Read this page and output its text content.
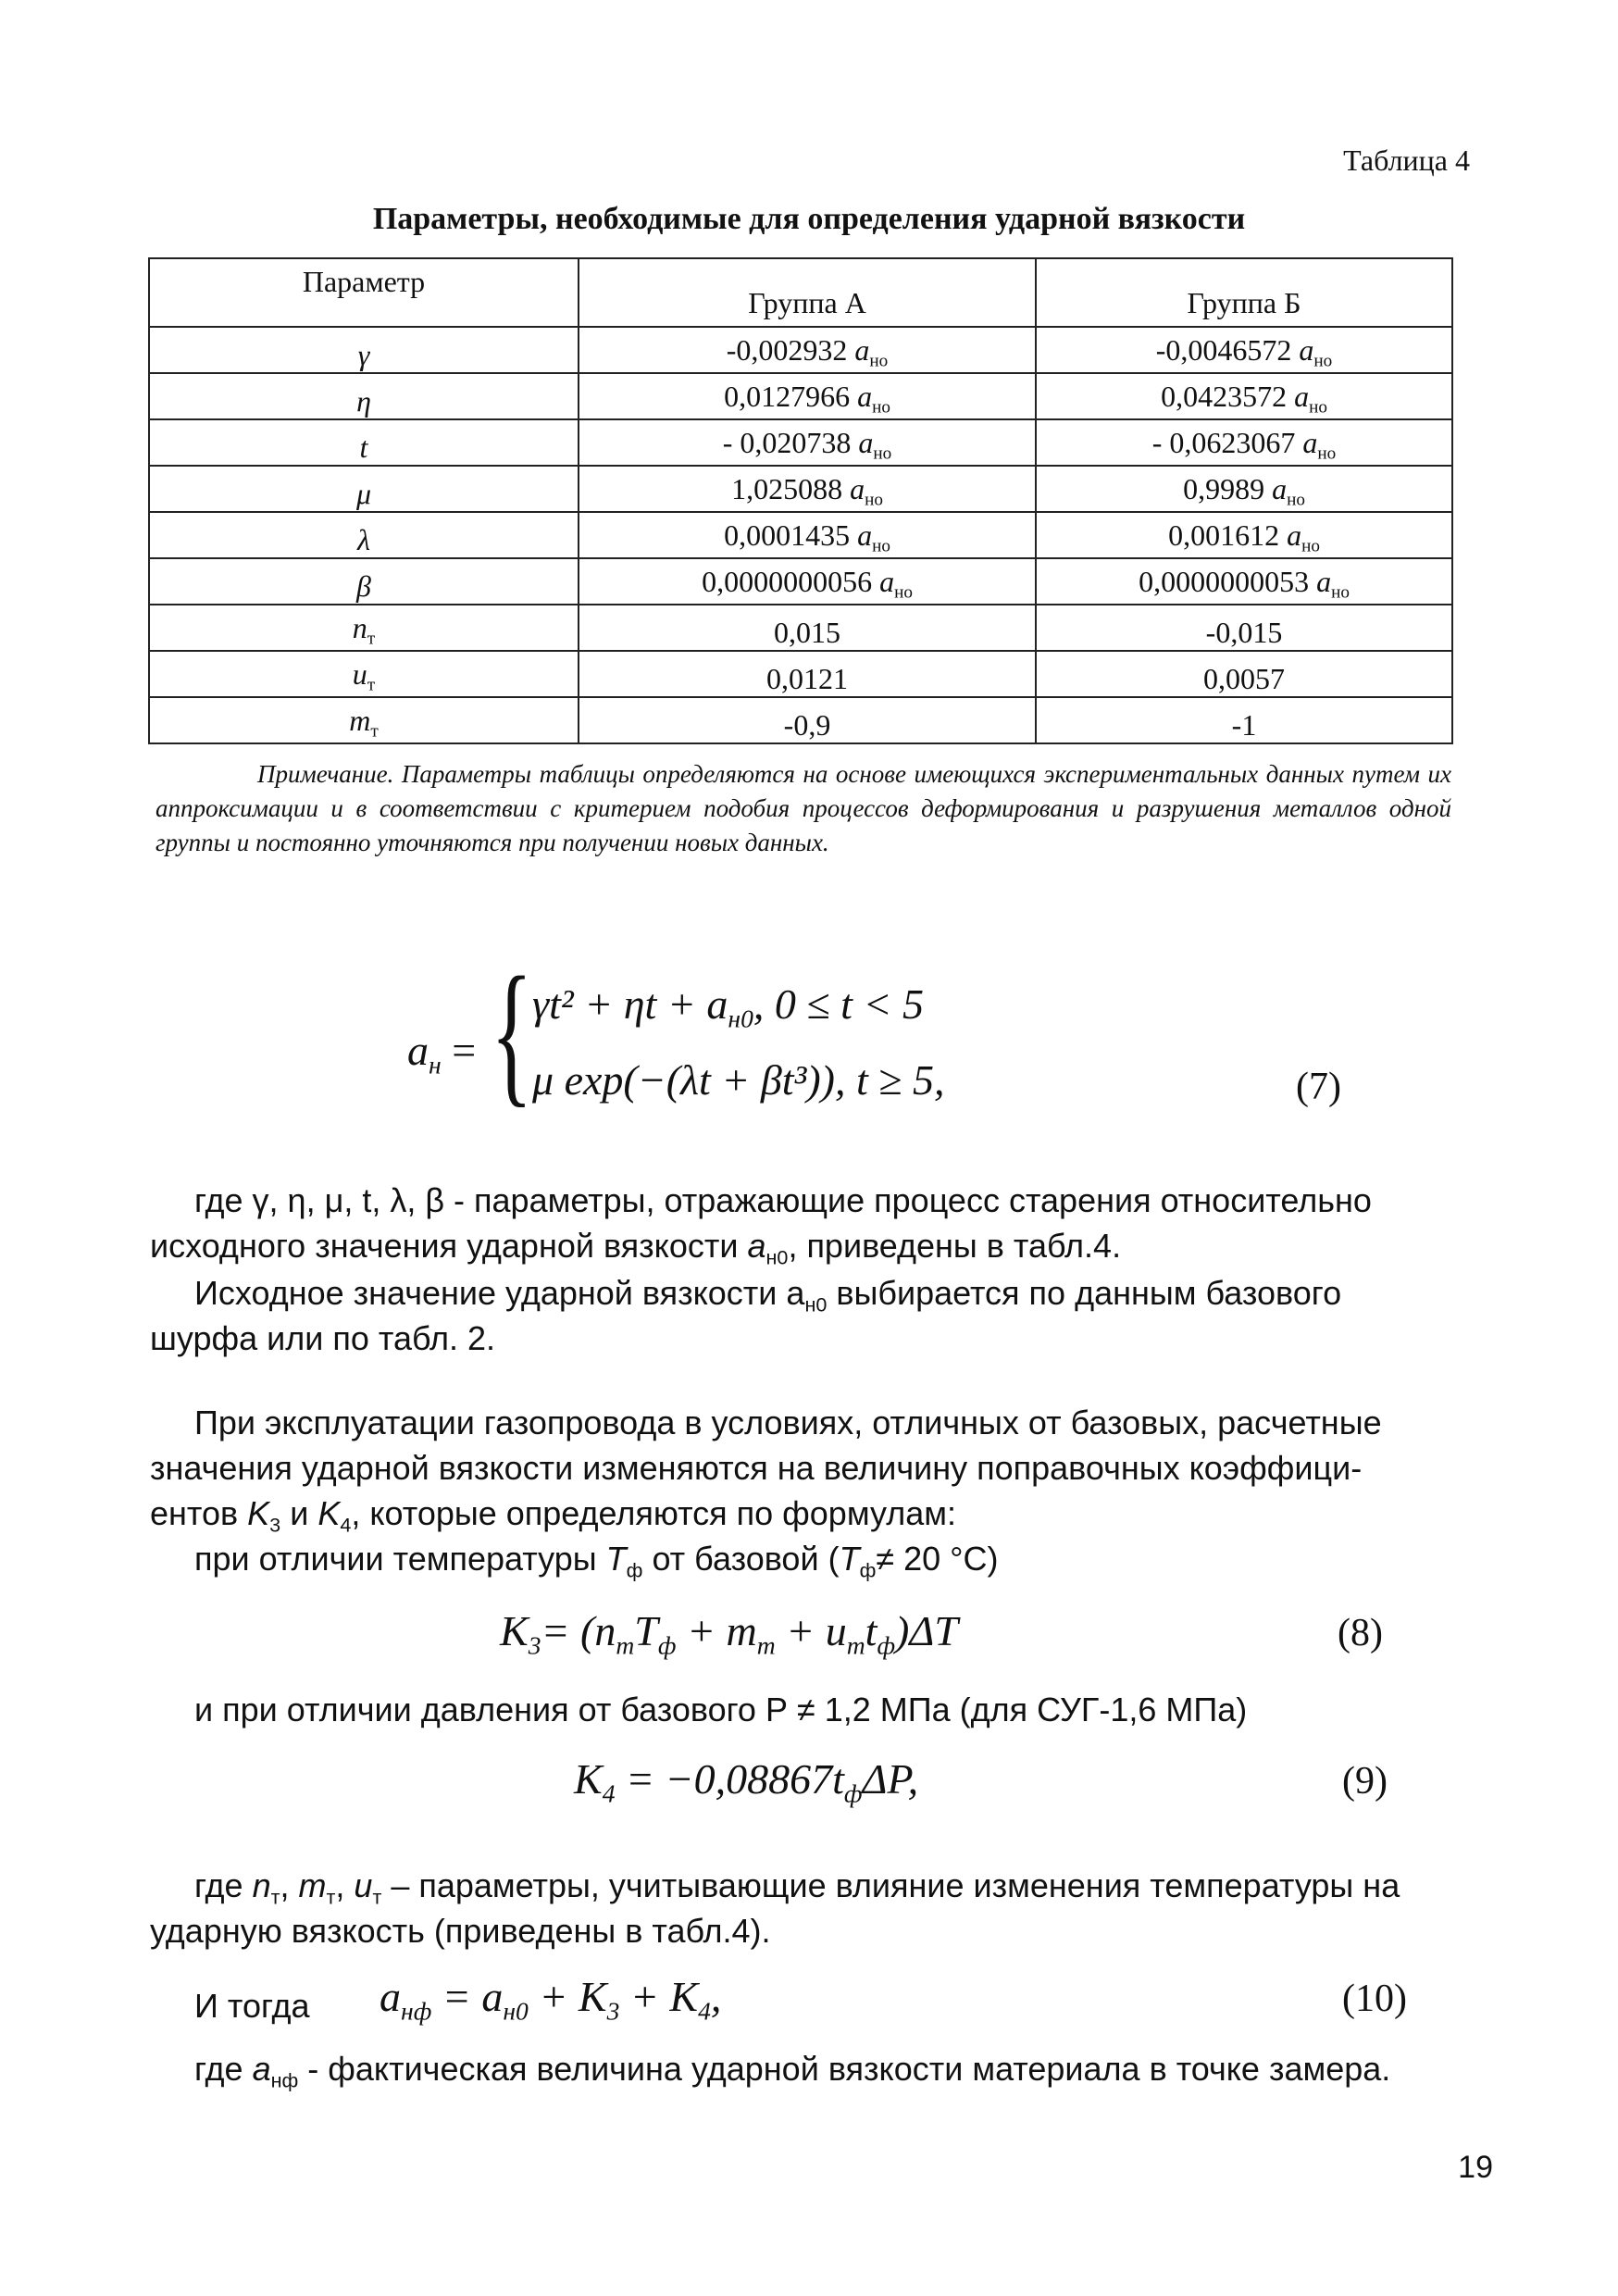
Таблица 4
Параметры, необходимые для определения ударной вязкости
Параметр	Группа А	Группа Б
γ	-0,002932 $a_{но}$	-0,0046572 $a_{но}$
η	0,0127966 $a_{но}$	0,0423572 $a_{но}$
t	- 0,020738 $a_{но}$	- 0,0623067 $a_{но}$
μ	1,025088 $a_{но}$	0,9989 $a_{но}$
λ	0,0001435 $a_{но}$	0,001612 $a_{но}$
β	0,0000000056 $a_{но}$	0,0000000053 $a_{но}$
$n_т$	0,015	-0,015
$u_т$	0,0121	0,0057
$m_т$	-0,9	-1
Примечание. Параметры таблицы определяются на основе имеющихся экспериментальных данных путем их аппроксимации и в соответствии с критерием подобия процессов деформирования и разрушения металлов одной группы и постоянно уточняются при получении новых данных.
$a_н$ = { $\gamma t^2 + \eta t + a_{н0}$, 0 ≤ t < 5
μ exp(−(λt + βt³)), t ≥ 5,	(7)
где γ, η, μ, t, λ, β - параметры, отражающие процесс старения относительно
исходного значения ударной вязкости $a_{н0}$, приведены в табл.4.
Исходное значение ударной вязкости $a_{н0}$ выбирается по данным базового
шурфа или по табл. 2.
При эксплуатации газопровода в условиях, отличных от базовых, расчетные
значения ударной вязкости изменяются на величину поправочных коэффици-
ентов $K_3$ и $K_4$, которые определяются по формулам:
при отличии температуры $T_ф$ от базовой ($T_ф\ne 20$ °С)
$K_3= (n_тT_ф + m_т + u_тt_ф)\Delta T$	(8)
и при отличии давления от базового Р ≠ 1,2 МПа (для СУГ-1,6 МПа)
$K_4 = -0,08867t_ф\Delta P$,	(9)
где $n_т$, $m_т$, $u_т$ – параметры, учитывающие влияние изменения температуры на
ударную вязкость (приведены в табл.4).
И тогда $a_{нф} = a_{н0} + K_3 + K_4$,	(10)
где $a_{нф}$ - фактическая величина ударной вязкости материала в точке замера.
19
